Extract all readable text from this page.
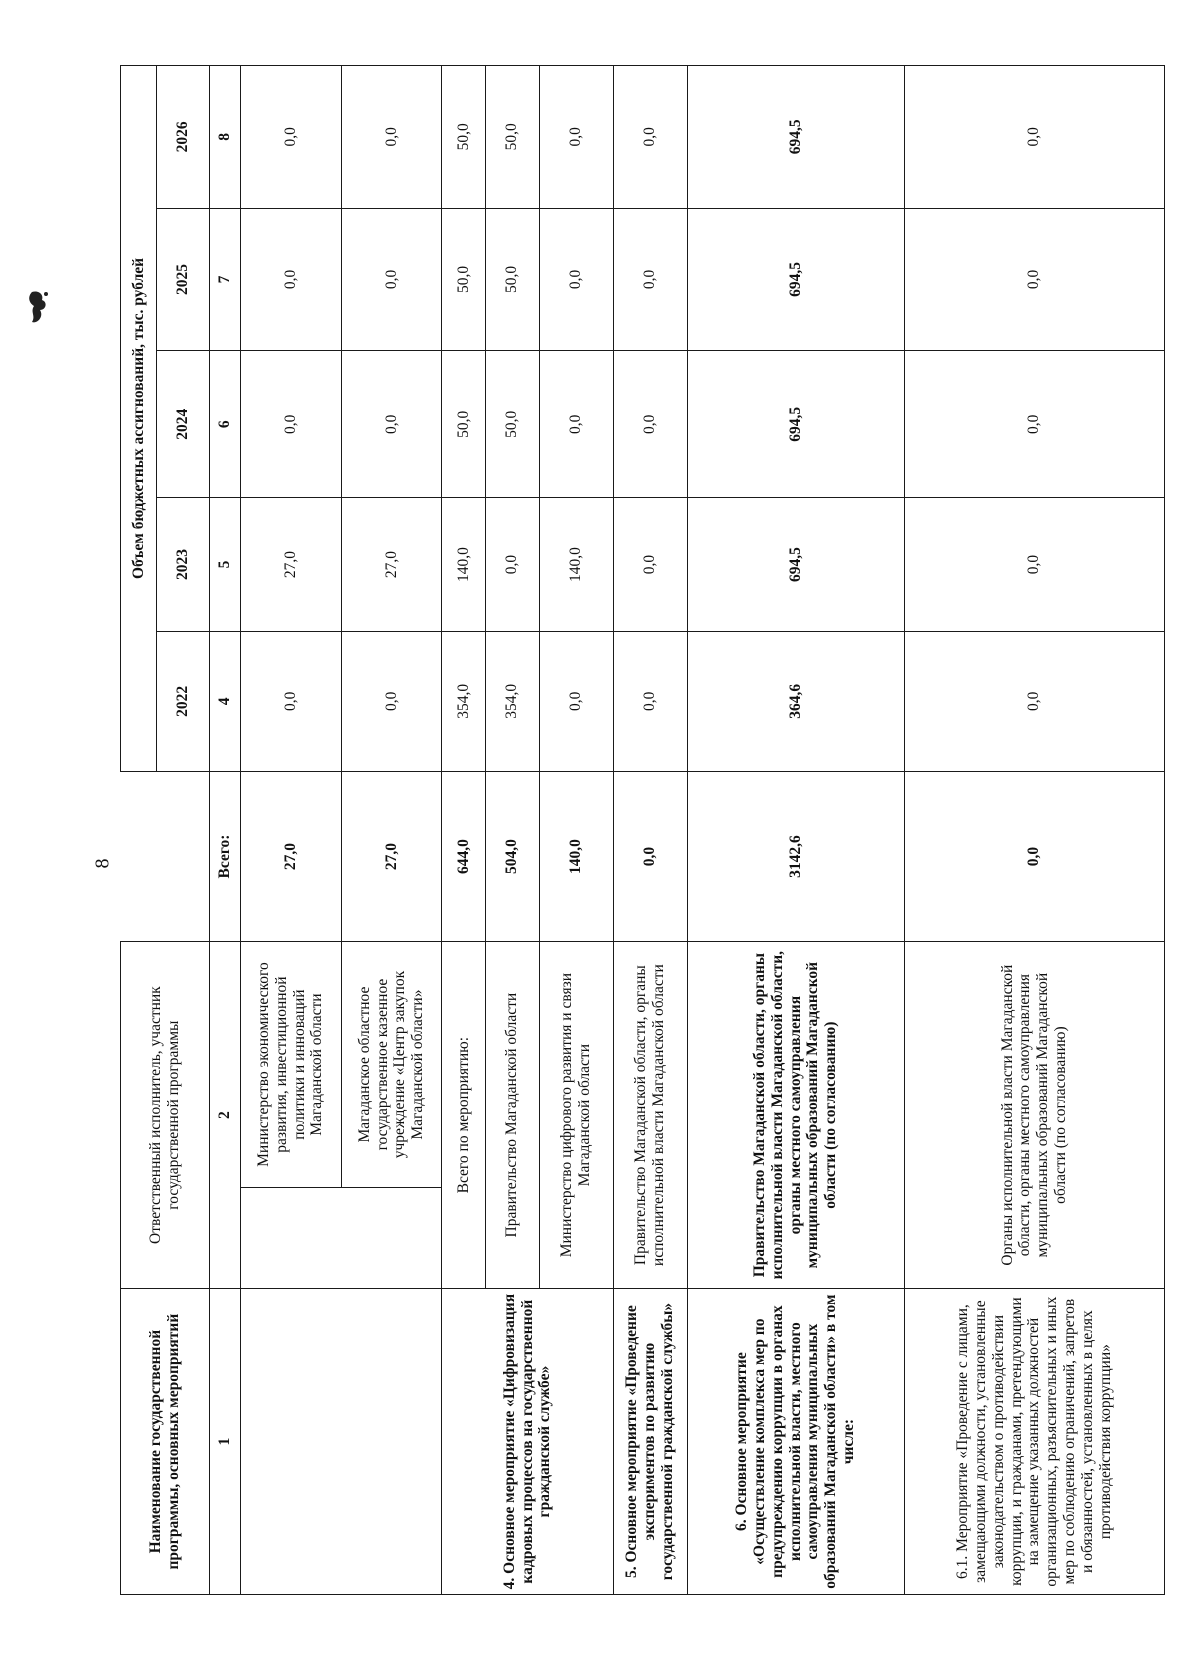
8
Наименование государственной программы, основных мероприятий	Ответственный исполнитель, участник государственной программы			Объем бюджетных ассигнований, тыс. рублей				
				2022	2023	2024	2025	2026
1	2		Всего:	4	5	6	7	8
		Министерство экономического развития, инвестиционной политики и инноваций Магаданской области	27,0	0,0	27,0	0,0	0,0	0,0
		Магаданское областное государственное казенное учреждение «Центр закупок Магаданской области»	27,0	0,0	27,0	0,0	0,0	0,0
4. Основное мероприятие «Цифровизация кадровых процессов на государственной гражданской службе»	Всего по мероприятию:		644,0	354,0	140,0	50,0	50,0	50,0
	Правительство Магаданской области		504,0	354,0	0,0	50,0	50,0	50,0
	Министерство цифрового развития и связи Магаданской области		140,0	0,0	140,0	0,0	0,0	0,0
5. Основное мероприятие «Проведение экспериментов по развитию государственной гражданской службы»	Правительство Магаданской области, органы исполнительной власти Магаданской области		0,0	0,0	0,0	0,0	0,0	0,0
6. Основное мероприятие «Осуществление комплекса мер по предупреждению коррупции в органах исполнительной власти, местного самоуправления муниципальных образований Магаданской области» в том числе:	Правительство Магаданской области, органы исполнительной власти Магаданской области, органы местного самоуправления муниципальных образований Магаданской области (по согласованию)		3142,6	364,6	694,5	694,5	694,5	694,5
6.1. Мероприятие «Проведение с лицами, замещающими должности, установленные законодательством о противодействии коррупции, и гражданами, претендующими на замещение указанных должностей организационных, разъяснительных и иных мер по соблюдению ограничений, запретов и обязанностей, установленных в целях противодействия коррупции»	Органы исполнительной власти Магаданской области, органы местного самоуправления муниципальных образований Магаданской области (по согласованию)		0,0	0,0	0,0	0,0	0,0	0,0
